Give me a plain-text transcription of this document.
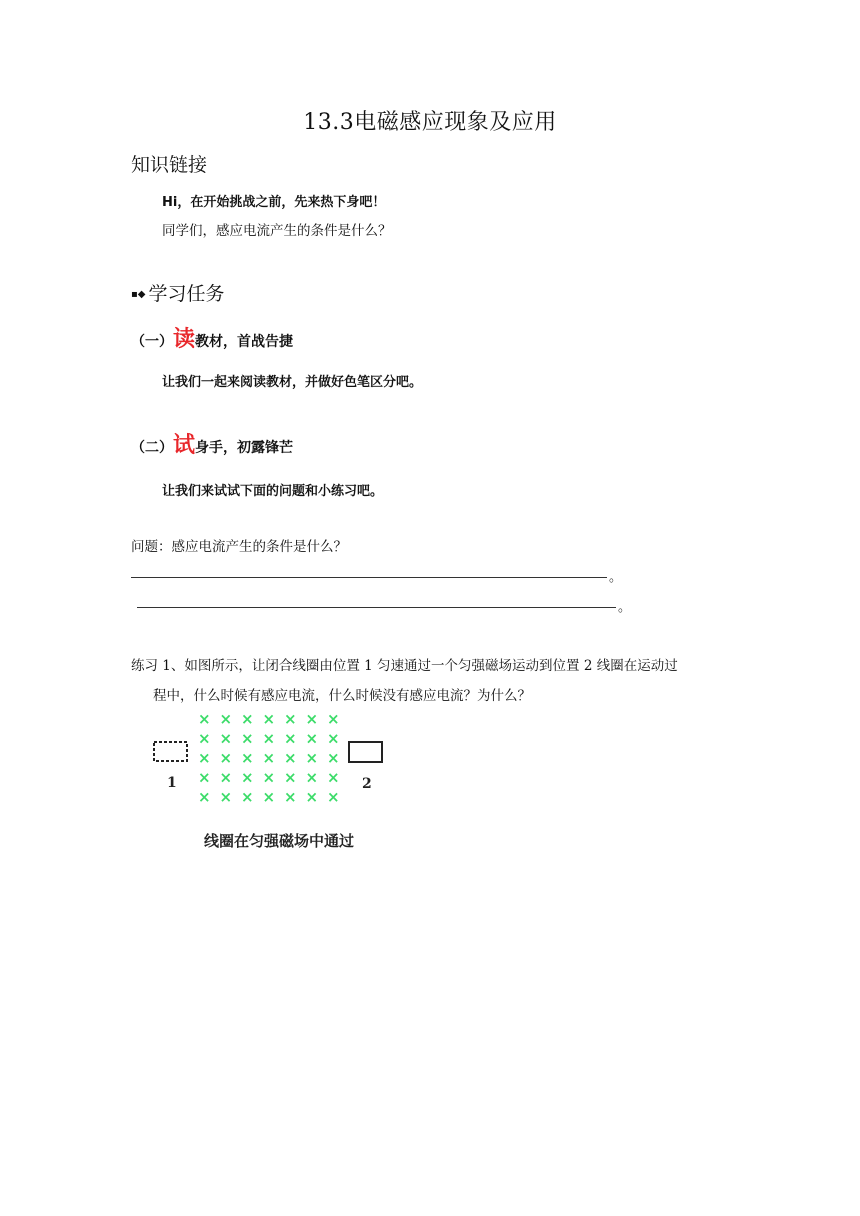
13.3电磁感应现象及应用
知识链接
Hi，在开始挑战之前，先来热下身吧！
同学们，感应电流产生的条件是什么？
▪◆ 学习任务
（一）读教材，首战告捷
让我们一起来阅读教材，并做好色笔区分吧。
（二）试身手，初露锋芒
让我们来试试下面的问题和小练习吧。
问题：感应电流产生的条件是什么？
。
。
练习 1、如图所示，让闭合线圈由位置 1 匀速通过一个匀强磁场运动到位置 2 线圈在运动过
程中，什么时候有感应电流，什么时候没有感应电流？为什么？
1
× × × × × × ×
× × × × × × ×
× × × × × × ×
× × × × × × ×
× × × × × × ×
2
线圈在匀强磁场中通过
